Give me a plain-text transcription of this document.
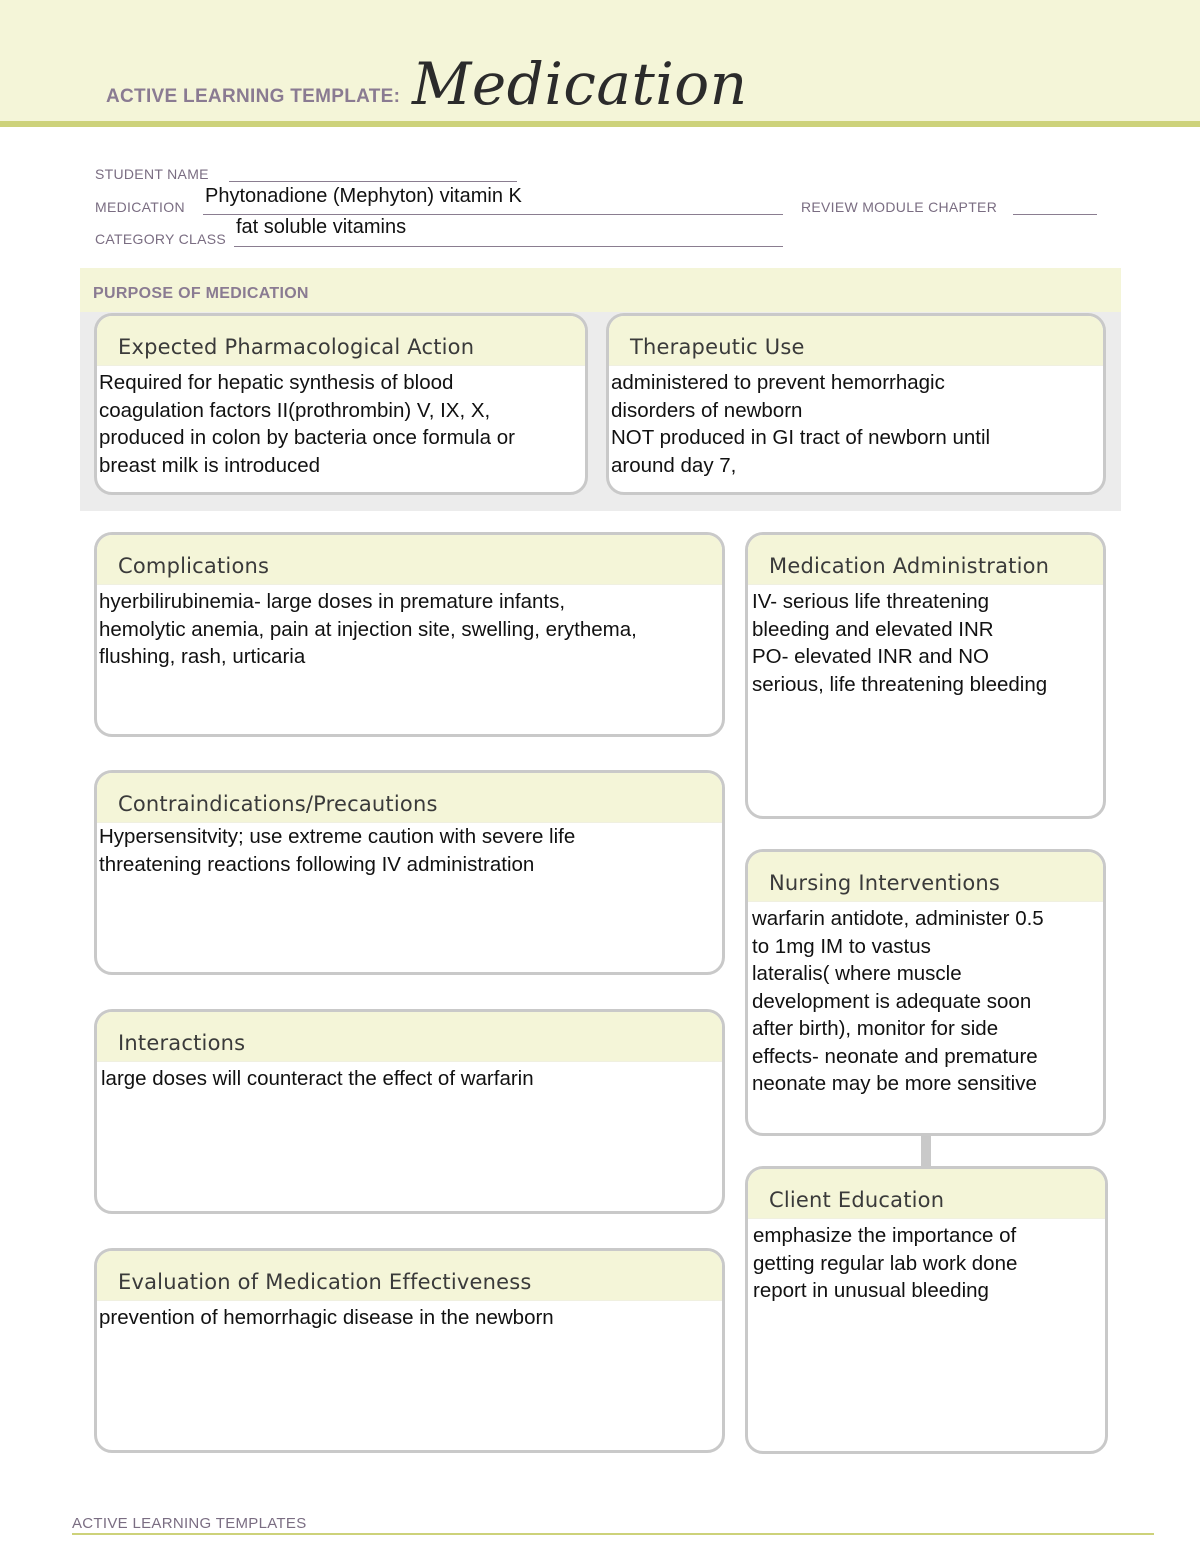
ACTIVE LEARNING TEMPLATE: Medication
STUDENT NAME
MEDICATION Phytonadione (Mephyton) vitamin K	REVIEW MODULE CHAPTER
CATEGORY CLASS
fat soluble vitamins
PURPOSE OF MEDICATION
Expected Pharmacological Action
Required for hepatic synthesis of blood
coagulation factors II(prothrombin) V, IX, X,
produced in colon by bacteria once formula or
breast milk is introduced
Therapeutic Use
administered to prevent hemorrhagic
disorders of newborn
NOT produced in GI tract of newborn until
around day 7,
Complications
hyerbilirubinemia- large doses in premature infants,
hemolytic anemia, pain at injection site, swelling, erythema,
flushing, rash, urticaria
Contraindications/Precautions
Hypersensitvity; use extreme caution with severe life
threatening reactions following IV administration
Interactions
large doses will counteract the effect of warfarin
Evaluation of Medication Effectiveness
prevention of hemorrhagic disease in the newborn
Medication Administration
IV- serious life threatening
bleeding and elevated INR
PO- elevated INR and NO
serious, life threatening bleeding
Nursing Interventions
warfarin antidote, administer 0.5
to 1mg IM to vastus
lateralis( where muscle
development is adequate soon
after birth), monitor for side
effects- neonate and premature
neonate may be more sensitive
Client Education
emphasize the importance of
getting regular lab work done
report in unusual bleeding
ACTIVE LEARNING TEMPLATES
